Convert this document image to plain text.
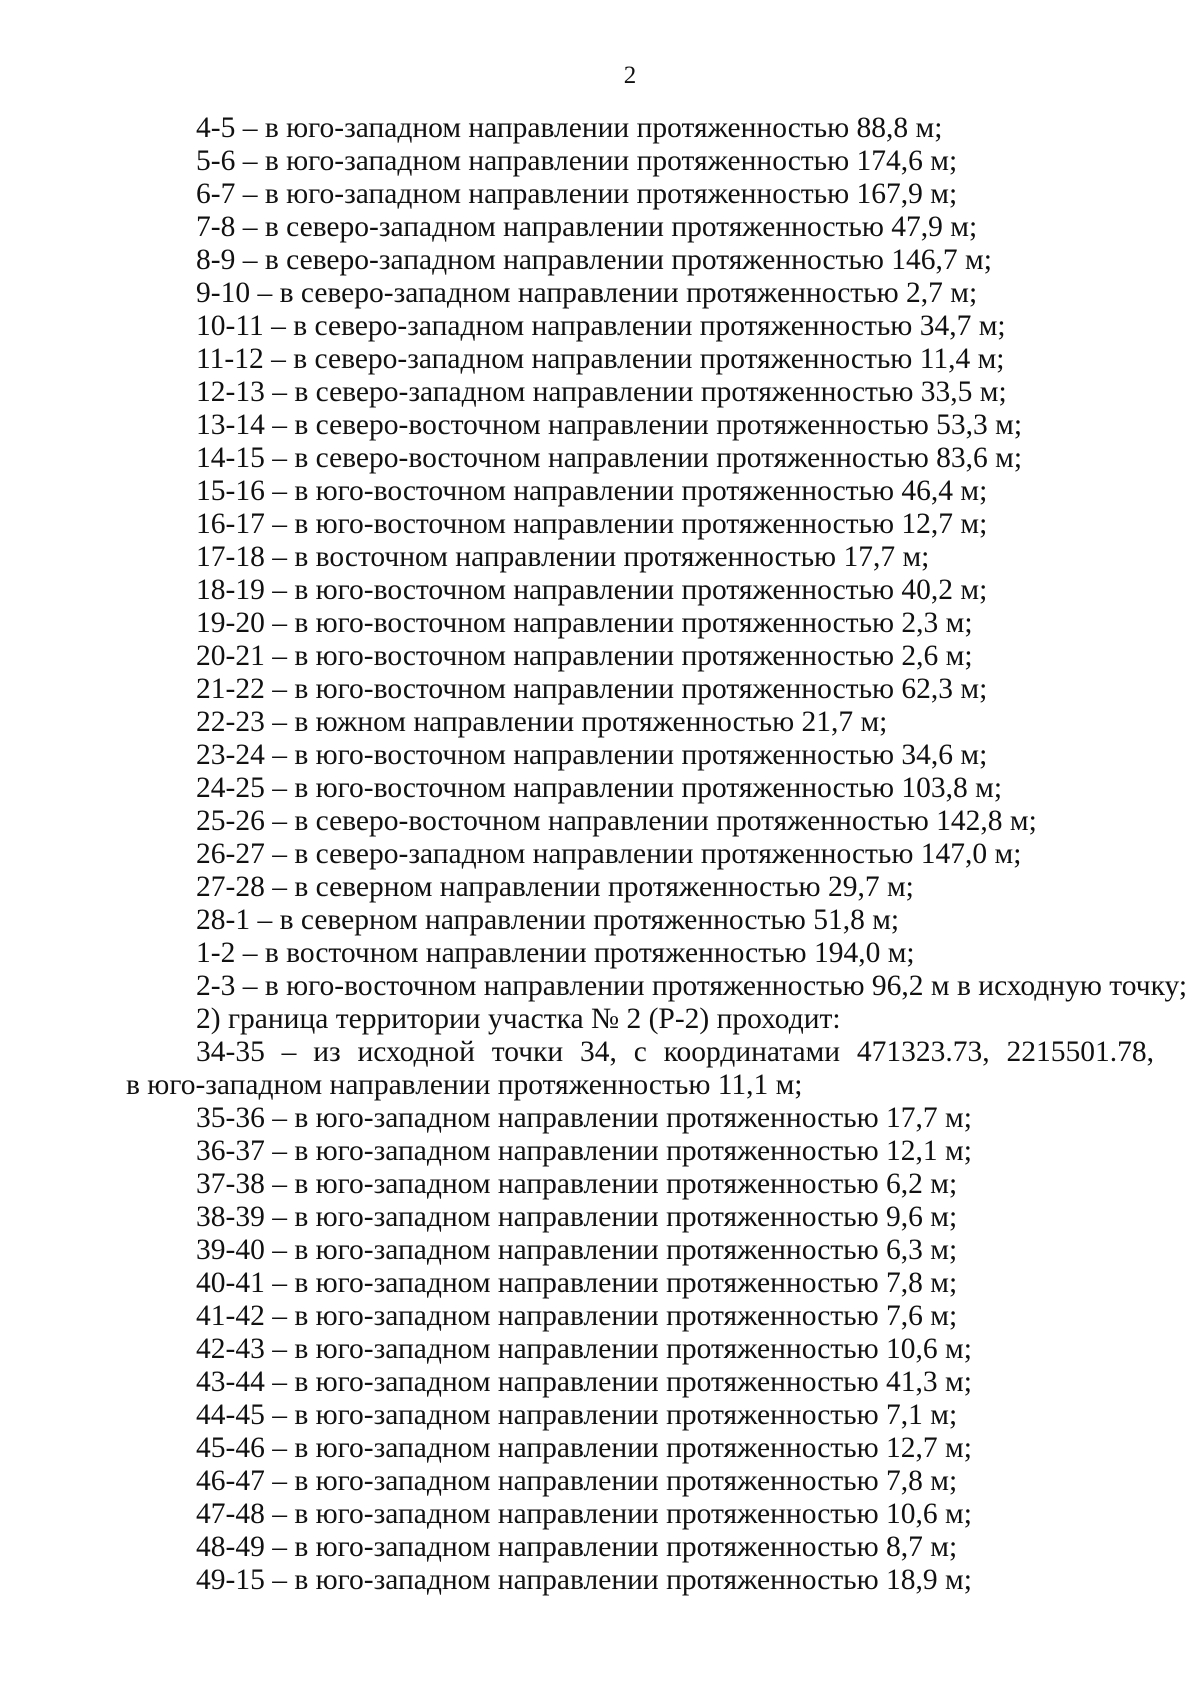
2
4-5 – в юго-западном направлении протяженностью 88,8 м;
5-6 – в юго-западном направлении протяженностью 174,6 м;
6-7 – в юго-западном направлении протяженностью 167,9 м;
7-8 – в северо-западном направлении протяженностью 47,9 м;
8-9 – в северо-западном направлении протяженностью 146,7 м;
9-10 – в северо-западном направлении протяженностью 2,7 м;
10-11 – в северо-западном направлении протяженностью 34,7 м;
11-12 – в северо-западном направлении протяженностью 11,4 м;
12-13 – в северо-западном направлении протяженностью 33,5 м;
13-14 – в северо-восточном направлении протяженностью 53,3 м;
14-15 – в северо-восточном направлении протяженностью 83,6 м;
15-16 – в юго-восточном направлении протяженностью 46,4 м;
16-17 – в юго-восточном направлении протяженностью 12,7 м;
17-18 – в восточном направлении протяженностью 17,7 м;
18-19 – в юго-восточном направлении протяженностью 40,2 м;
19-20 – в юго-восточном направлении протяженностью 2,3 м;
20-21 – в юго-восточном направлении протяженностью 2,6 м;
21-22 – в юго-восточном направлении протяженностью 62,3 м;
22-23 – в южном направлении протяженностью 21,7 м;
23-24 – в юго-восточном направлении протяженностью 34,6 м;
24-25 – в юго-восточном направлении протяженностью 103,8 м;
25-26 – в северо-восточном направлении протяженностью 142,8 м;
26-27 – в северо-западном направлении протяженностью 147,0 м;
27-28 – в северном направлении протяженностью 29,7 м;
28-1 – в северном направлении протяженностью 51,8 м;
1-2 – в восточном направлении протяженностью 194,0 м;
2-3 – в юго-восточном направлении протяженностью 96,2 м в исходную точку;
2) граница территории участка № 2 (Р-2) проходит:
34-35 – из исходной точки 34, с координатами 471323.73, 2215501.78,
в юго-западном направлении протяженностью 11,1 м;
35-36 – в юго-западном направлении протяженностью 17,7 м;
36-37 – в юго-западном направлении протяженностью 12,1 м;
37-38 – в юго-западном направлении протяженностью 6,2 м;
38-39 – в юго-западном направлении протяженностью 9,6 м;
39-40 – в юго-западном направлении протяженностью 6,3 м;
40-41 – в юго-западном направлении протяженностью 7,8 м;
41-42 – в юго-западном направлении протяженностью 7,6 м;
42-43 – в юго-западном направлении протяженностью 10,6 м;
43-44 – в юго-западном направлении протяженностью 41,3 м;
44-45 – в юго-западном направлении протяженностью 7,1 м;
45-46 – в юго-западном направлении протяженностью 12,7 м;
46-47 – в юго-западном направлении протяженностью 7,8 м;
47-48 – в юго-западном направлении протяженностью 10,6 м;
48-49 – в юго-западном направлении протяженностью 8,7 м;
49-15 – в юго-западном направлении протяженностью 18,9 м;
